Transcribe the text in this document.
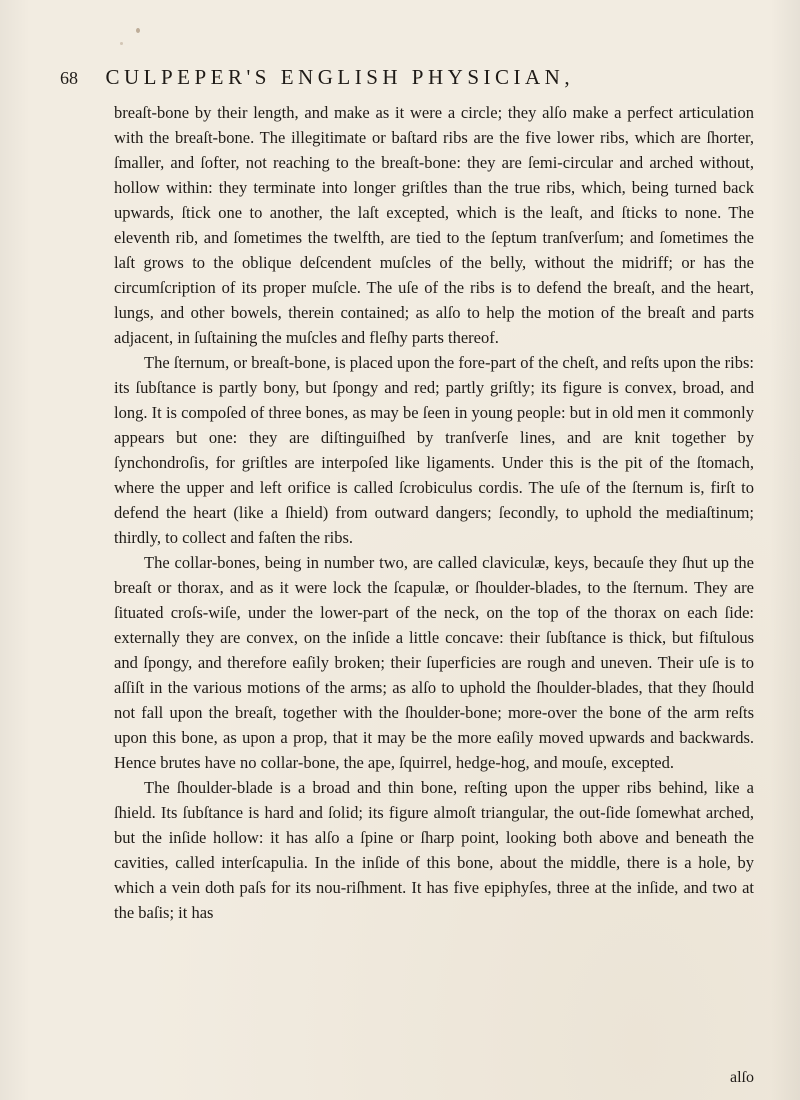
68 CULPEPER'S ENGLISH PHYSICIAN,

breaſt-bone by their length, and make as it were a circle; they alſo make a perfect articulation with the breaſt-bone. The illegitimate or baſtard ribs are the five lower ribs, which are ſhorter, ſmaller, and ſofter, not reaching to the breaſt-bone: they are ſemi-circular and arched without, hollow within: they terminate into longer griſtles than the true ribs, which, being turned back upwards, ſtick one to another, the laſt excepted, which is the leaſt, and ſticks to none. The eleventh rib, and ſometimes the twelfth, are tied to the ſeptum tranſverſum; and ſometimes the laſt grows to the oblique deſcendent muſcles of the belly, without the midriff; or has the circumſcription of its proper muſcle. The uſe of the ribs is to defend the breaſt, and the heart, lungs, and other bowels, therein contained; as alſo to help the motion of the breaſt and parts adjacent, in ſuſtaining the muſcles and fleſhy parts thereof.

The ſternum, or breaſt-bone, is placed upon the fore-part of the cheſt, and reſts upon the ribs: its ſubſtance is partly bony, but ſpongy and red; partly griſtly; its figure is convex, broad, and long. It is compoſed of three bones, as may be ſeen in young people: but in old men it commonly appears but one: they are diſtinguiſhed by tranſverſe lines, and are knit together by ſynchondroſis, for griſtles are interpoſed like ligaments. Under this is the pit of the ſtomach, where the upper and left orifice is called ſcrobiculus cordis. The uſe of the ſternum is, firſt to defend the heart (like a ſhield) from outward dangers; ſecondly, to uphold the mediaſtinum; thirdly, to collect and faſten the ribs.

The collar-bones, being in number two, are called claviculæ, keys, becauſe they ſhut up the breaſt or thorax, and as it were lock the ſcapulæ, or ſhoulder-blades, to the ſternum. They are ſituated croſs-wiſe, under the lower-part of the neck, on the top of the thorax on each ſide: externally they are convex, on the inſide a little concave: their ſubſtance is thick, but fiſtulous and ſpongy, and therefore eaſily broken; their ſuperficies are rough and uneven. Their uſe is to aſſiſt in the various motions of the arms; as alſo to uphold the ſhoulder-blades, that they ſhould not fall upon the breaſt, together with the ſhoulder-bone; more-over the bone of the arm reſts upon this bone, as upon a prop, that it may be the more eaſily moved upwards and backwards. Hence brutes have no collar-bone, the ape, ſquirrel, hedge-hog, and mouſe, excepted.

The ſhoulder-blade is a broad and thin bone, reſting upon the upper ribs behind, like a ſhield. Its ſubſtance is hard and ſolid; its figure almoſt triangular, the out-ſide ſomewhat arched, but the inſide hollow: it has alſo a ſpine or ſharp point, looking both above and beneath the cavities, called interſcapulia. In the inſide of this bone, about the middle, there is a hole, by which a vein doth paſs for its nou-riſhment. It has five epiphyſes, three at the inſide, and two at the baſis; it has

alſo
